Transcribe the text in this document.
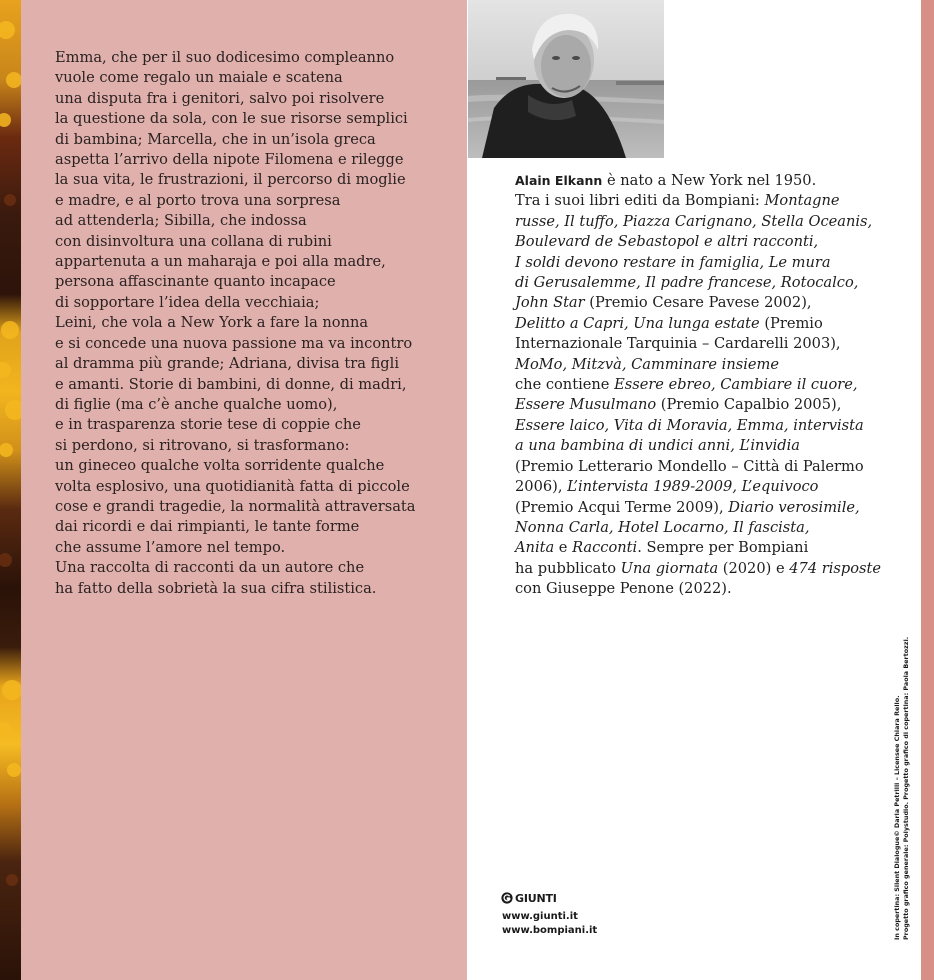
Emma, che per il suo dodicesimo compleanno
vuole come regalo un maiale e scatena
una disputa fra i genitori, salvo poi risolvere
la questione da sola, con le sue risorse semplici
di bambina; Marcella, che in un’isola greca
aspetta l’arrivo della nipote Filomena e rilegge
la sua vita, le frustrazioni, il percorso di moglie
e madre, e al porto trova una sorpresa
ad attenderla; Sibilla, che indossa
con disinvoltura una collana di rubini
appartenuta a un maharaja e poi alla madre,
persona affascinante quanto incapace
di sopportare l’idea della vecchiaia;
Leini, che vola a New York a fare la nonna
e si concede una nuova passione ma va incontro
al dramma più grande; Adriana, divisa tra figli
e amanti. Storie di bambini, di donne, di madri,
di figlie (ma c’è anche qualche uomo),
e in trasparenza storie tese di coppie che
si perdono, si ritrovano, si trasformano:
un gineceo qualche volta sorridente qualche
volta esplosivo, una quotidianità fatta di piccole
cose e grandi tragedie, la normalità attraversata
dai ricordi e dai rimpianti, le tante forme
che assume l’amore nel tempo.
Una raccolta di racconti da un autore che
ha fatto della sobrietà la sua cifra stilistica.
Alain Elkann è nato a New York nel 1950.
Tra i suoi libri editi da Bompiani: Montagne
russe, Il tuffo, Piazza Carignano, Stella Oceanis,
Boulevard de Sebastopol e altri racconti,
I soldi devono restare in famiglia, Le mura
di Gerusalemme, Il padre francese, Rotocalco,
John Star (Premio Cesare Pavese 2002),
Delitto a Capri, Una lunga estate (Premio
Internazionale Tarquinia – Cardarelli 2003),
MoMo, Mitzvà, Camminare insieme
che contiene Essere ebreo, Cambiare il cuore,
Essere Musulmano (Premio Capalbio 2005),
Essere laico, Vita di Moravia, Emma, intervista
a una bambina di undici anni, L’invidia
(Premio Letterario Mondello – Città di Palermo
2006), L’intervista 1989-2009, L’equivoco
(Premio Acqui Terme 2009), Diario verosimile,
Nonna Carla, Hotel Locarno, Il fascista,
Anita e Racconti. Sempre per Bompiani
ha pubblicato Una giornata (2020) e 474 risposte
con Giuseppe Penone (2022).
GIUNTI
www.giunti.it
www.bompiani.it	In copertina: Silent Dialogue© Daria Petrilli – Licensee Chiara Rello. Progetto grafico generale: Polystudio. Progetto grafico di copertina: Paola Bertozzi.
